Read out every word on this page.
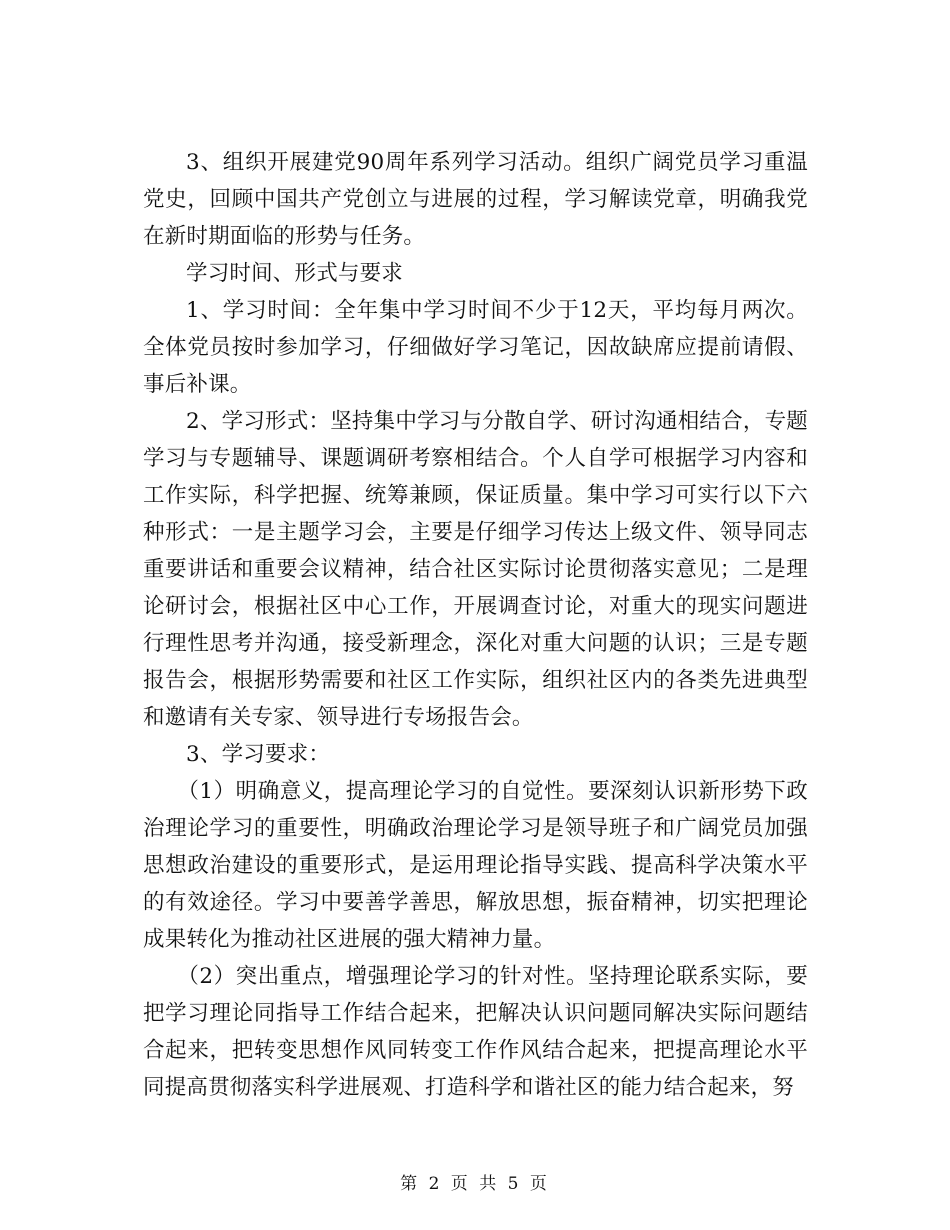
3、组织开展建党90周年系列学习活动。组织广阔党员学习重温党史，回顾中国共产党创立与进展的过程，学习解读党章，明确我党在新时期面临的形势与任务。

学习时间、形式与要求

1、学习时间：全年集中学习时间不少于12天，平均每月两次。全体党员按时参加学习，仔细做好学习笔记，因故缺席应提前请假、事后补课。

2、学习形式：坚持集中学习与分散自学、研讨沟通相结合，专题学习与专题辅导、课题调研考察相结合。个人自学可根据学习内容和工作实际，科学把握、统筹兼顾，保证质量。集中学习可实行以下六种形式：一是主题学习会，主要是仔细学习传达上级文件、领导同志重要讲话和重要会议精神，结合社区实际讨论贯彻落实意见；二是理论研讨会，根据社区中心工作，开展调查讨论，对重大的现实问题进行理性思考并沟通，接受新理念，深化对重大问题的认识；三是专题报告会，根据形势需要和社区工作实际，组织社区内的各类先进典型和邀请有关专家、领导进行专场报告会。

3、学习要求：

（1）明确意义，提高理论学习的自觉性。要深刻认识新形势下政治理论学习的重要性，明确政治理论学习是领导班子和广阔党员加强思想政治建设的重要形式，是运用理论指导实践、提高科学决策水平的有效途径。学习中要善学善思，解放思想，振奋精神，切实把理论成果转化为推动社区进展的强大精神力量。

（2）突出重点，增强理论学习的针对性。坚持理论联系实际，要把学习理论同指导工作结合起来，把解决认识问题同解决实际问题结合起来，把转变思想作风同转变工作作风结合起来，把提高理论水平同提高贯彻落实科学进展观、打造科学和谐社区的能力结合起来，努

第 2 页 共 5 页
